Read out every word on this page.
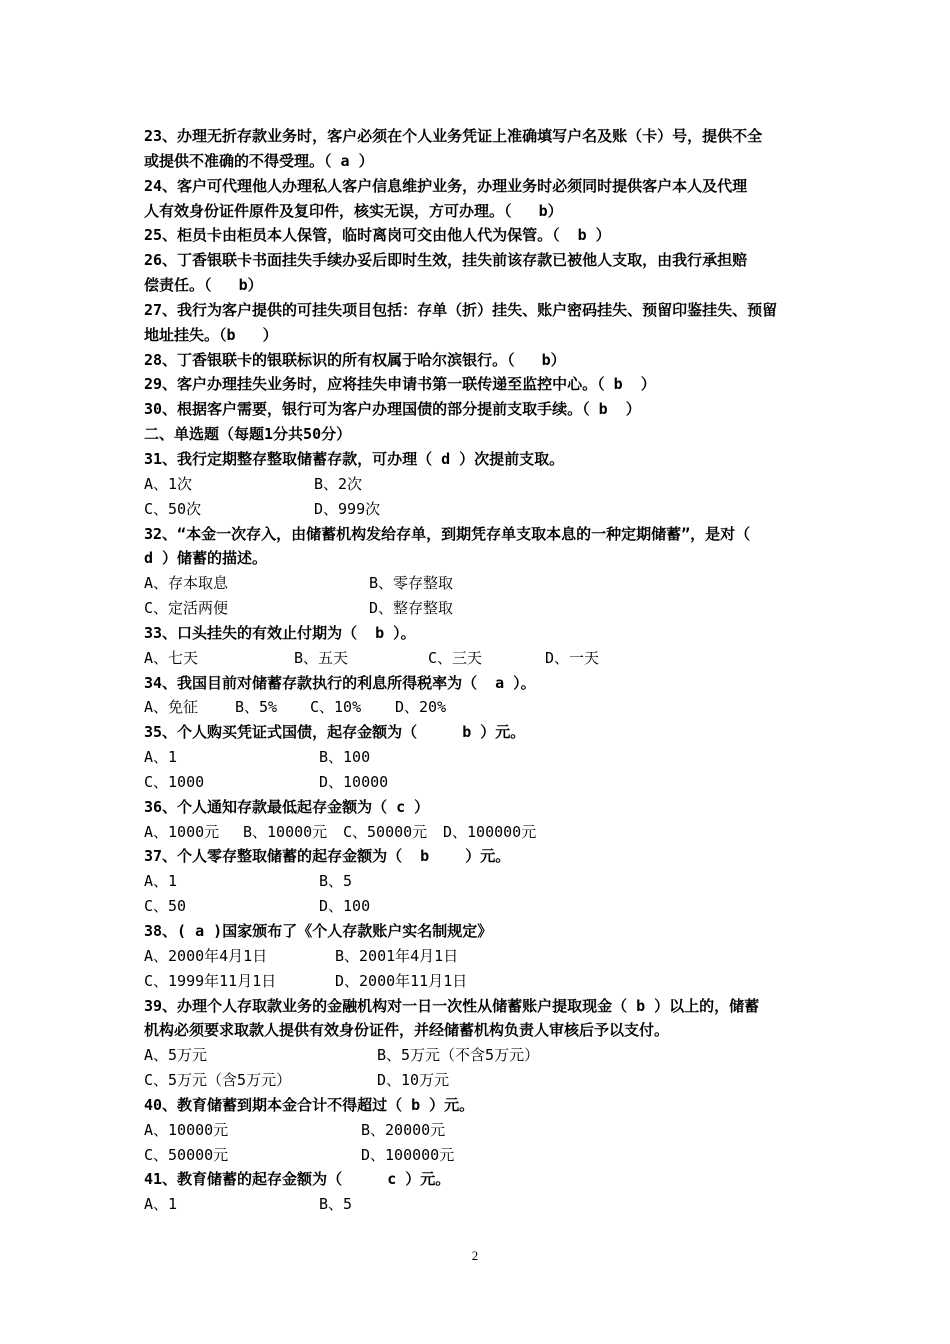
23、办理无折存款业务时，客户必须在个人业务凭证上准确填写户名及账（卡）号，提供不全
或提供不准确的不得受理。（ a ）
24、客户可代理他人办理私人客户信息维护业务，办理业务时必须同时提供客户本人及代理
人有效身份证件原件及复印件，核实无误，方可办理。（   b）
25、柜员卡由柜员本人保管，临时离岗可交由他人代为保管。（  b ）
26、丁香银联卡书面挂失手续办妥后即时生效，挂失前该存款已被他人支取，由我行承担赔
偿责任。（   b）
27、我行为客户提供的可挂失项目包括：存单（折）挂失、账户密码挂失、预留印鉴挂失、预留
地址挂失。（b   ）
28、丁香银联卡的银联标识的所有权属于哈尔滨银行。（   b）
29、客户办理挂失业务时，应将挂失申请书第一联传递至监控中心。（ b  ）
30、根据客户需要，银行可为客户办理国债的部分提前支取手续。（ b  ）
二、单选题（每题1分共50分）
31、我行定期整存整取储蓄存款，可办理（ d ）次提前支取。
A、1次	B、2次
C、50次	D、999次
32、“本金一次存入，由储蓄机构发给存单，到期凭存单支取本息的一种定期储蓄”，是对（
d ）储蓄的描述。
A、存本取息	B、零存整取
C、定活两便	D、整存整取
33、口头挂失的有效止付期为（  b ）。
A、七天	B、五天	C、三天	D、一天
34、我国目前对储蓄存款执行的利息所得税率为（  a ）。
A、免征 B、5% C、10% D、20%
35、个人购买凭证式国债，起存金额为（     b ）元。
A、1	B、100
C、1000	D、10000
36、个人通知存款最低起存金额为（ c ）
A、1000元 B、10000元 C、50000元 D、100000元
37、个人零存整取储蓄的起存金额为（  b    ）元。
A、1	B、5
C、50	D、100
38、( a )国家颁布了《个人存款账户实名制规定》
A、2000年4月1日	B、2001年4月1日
C、1999年11月1日	D、2000年11月1日
39、办理个人存取款业务的金融机构对一日一次性从储蓄账户提取现金（ b ）以上的，储蓄
机构必须要求取款人提供有效身份证件，并经储蓄机构负责人审核后予以支付。
A、5万元	B、5万元（不含5万元）
C、5万元（含5万元）	D、10万元
40、教育储蓄到期本金合计不得超过（ b ）元。
A、10000元	B、20000元
C、50000元	D、100000元
41、教育储蓄的起存金额为（     c ）元。
A、1	B、5
2
